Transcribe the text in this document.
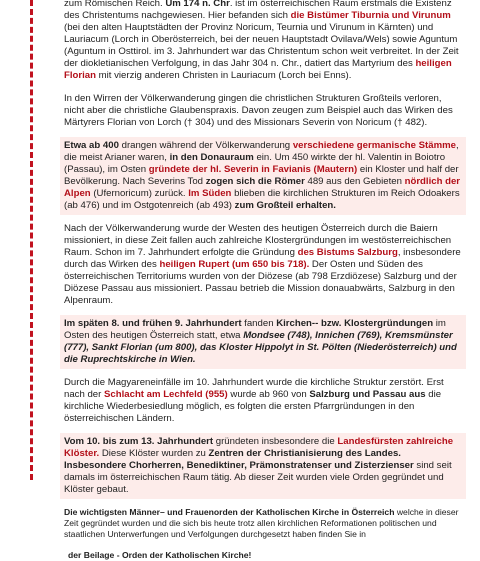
zum Römischen Reich. Um 174 n. Chr. ist im österreichischen Raum erstmals die Existenz des Christentums nachgewiesen. Hier befanden sich die Bistümer Tiburnia und Virunum (bei den alten Hauptstädten der Provinz Noricum, Teurnia und Virunum in Kärnten) und Lauriacum (Lorch in Oberösterreich, bei der neuen Hauptstadt Ovilava/Wels) sowie Aguntum (Aguntum in Osttirol. im 3. Jahrhundert war das Christentum schon weit verbreitet. In der Zeit der diokletianischen Verfolgung, in das Jahr 304 n. Chr., datiert das Martyrium des heiligen Florian mit vierzig anderen Christen in Lauriacum (Lorch bei Enns).

In den Wirren der Völkerwanderung gingen die christlichen Strukturen Großteils verloren, nicht aber die christliche Glaubenspraxis. Davon zeugen zum Beispiel auch das Wirken des Märtyrers Florian von Lorch († 304) und des Missionars Severin von Noricum († 482).

Etwa ab 400 drangen während der Völkerwanderung verschiedene germanische Stämme, die meist Arianer waren, in den Donauraum ein. Um 450 wirkte der hl. Valentin in Boiotro (Passau), im Osten gründete der hl. Severin in Favianis (Mautern) ein Kloster und half der Bevölkerung. Nach Severins Tod zogen sich die Römer 489 aus den Gebieten nördlich der Alpen (Ufernoricum) zurück. Im Süden blieben die kirchlichen Strukturen im Reich Odoakers (ab 476) und im Ostgotenreich (ab 493) zum Großteil erhalten.

Nach der Völkerwanderung wurde der Westen des heutigen Österreich durch die Baiern missioniert, in diese Zeit fallen auch zahlreiche Klostergründungen im westösterreichischen Raum. Schon im 7. Jahrhundert erfolgte die Gründung des Bistums Salzburg, insbesondere durch das Wirken des heiligen Rupert (um 650 bis 718). Der Osten und Süden des österreichischen Territoriums wurden von der Diözese (ab 798 Erzdiözese) Salzburg und der Diözese Passau aus missioniert. Passau betrieb die Mission donauabwärts, Salzburg in den Alpenraum.

Im späten 8. und frühen 9. Jahrhundert fanden Kirchen-- bzw. Klostergründungen im Osten des heutigen Österreich statt, etwa Mondsee (748), Innichen (769), Kremsmünster (777), Sankt Florian (um 800), das Kloster Hippolyt in St. Pölten (Niederösterreich) und die Ruprechtskirche in Wien.

Durch die Magyareneinfälle im 10. Jahrhundert wurde die kirchliche Struktur zerstört. Erst nach der Schlacht am Lechfeld (955) wurde ab 960 von Salzburg und Passau aus die kirchliche Wiederbesiedlung möglich, es folgten die ersten Pfarrgründungen in den österreichischen Ländern.

Vom 10. bis zum 13. Jahrhundert gründeten insbesondere die Landesfürsten zahlreiche Klöster. Diese Klöster wurden zu Zentren der Christianisierung des Landes. Insbesondere Chorherren, Benediktiner, Prämonstratenser und Zisterzienser sind seit damals im österreichischen Raum tätig. Ab dieser Zeit wurden viele Orden gegründet und Klöster gebaut.

Die wichtigsten Männer– und Frauenorden der Katholischen Kirche in Österreich welche in dieser Zeit gegründet wurden und die sich bis heute trotz allen kirchlichen Reformationen politischen und staatlichen Unterwerfungen und Verfolgungen durchgesetzt haben finden Sie in

der Beilage - Orden der Katholischen Kirche!
